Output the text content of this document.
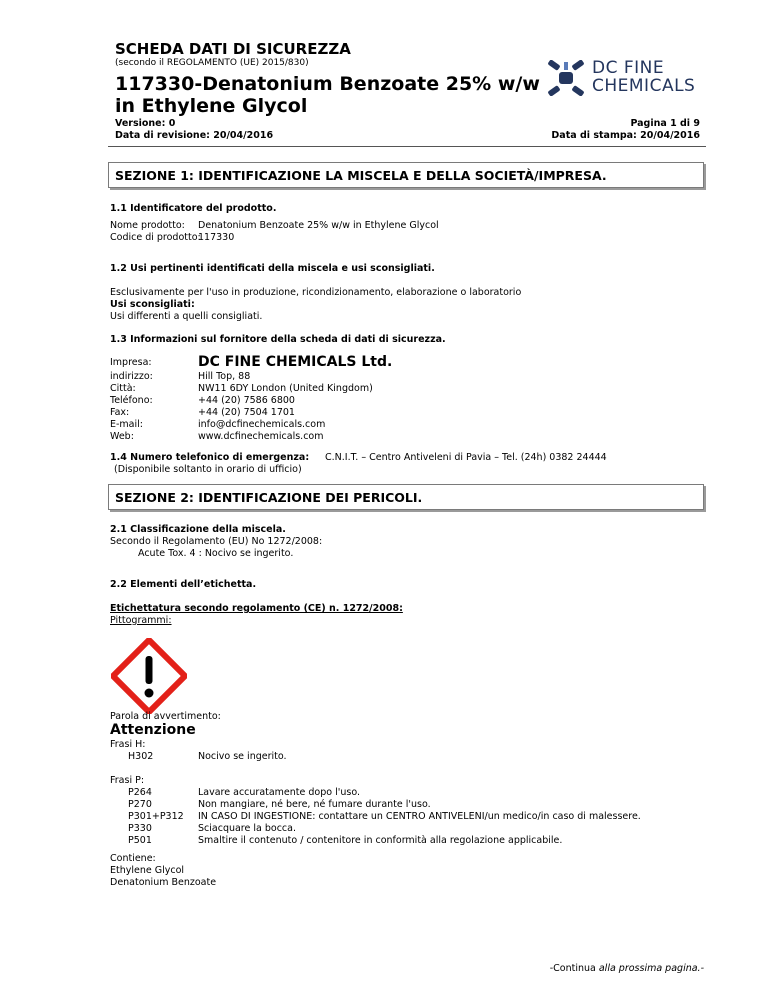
SCHEDA DATI DI SICUREZZA
(secondo il REGOLAMENTO (UE) 2015/830)
117330-Denatonium Benzoate 25% w/w in Ethylene Glycol
DC FINE
CHEMICALS
Versione: 0
Data di revisione: 20/04/2016
Pagina 1 di 9
Data di stampa: 20/04/2016
SEZIONE 1: IDENTIFICAZIONE LA MISCELA E DELLA SOCIETÀ/IMPRESA.
1.1 Identificatore del prodotto.
Nome prodotto: Denatonium Benzoate 25% w/w in Ethylene Glycol
Codice di prodotto:
117330
1.2 Usi pertinenti identificati della miscela e usi sconsigliati.
Esclusivamente per l'uso in produzione, ricondizionamento, elaborazione o laboratorio
Usi sconsigliati:
Usi differenti a quelli consigliati.
1.3 Informazioni sul fornitore della scheda di dati di sicurezza.
Impresa:	DC FINE CHEMICALS Ltd.
indirizzo:
Città:
Teléfono:
Fax:
E-mail:
Web:
Hill Top, 88
NW11 6DY London (United Kingdom)
+44 (20) 7586 6800
+44 (20) 7504 1701
info@dcfinechemicals.com
www.dcfinechemicals.com
1.4 Numero telefonico di emergenza:
(Disponibile soltanto in orario di ufficio)
C.N.I.T. – Centro Antiveleni di Pavia – Tel. (24h) 0382 24444
SEZIONE 2: IDENTIFICAZIONE DEI PERICOLI.
2.1 Classificazione della miscela.
Secondo il Regolamento (EU) No 1272/2008:
Acute Tox. 4 : Nocivo se ingerito.
2.2 Elementi dell’etichetta.
Etichettatura secondo regolamento (CE) n. 1272/2008:
Pittogrammi:
Parola di avvertimento:
Attenzione
Frasi H:
H302	Nocivo se ingerito.
Frasi P:
P264
P270
P301+P312
P330
P501
Lavare accuratamente dopo l'uso.
Non mangiare, né bere, né fumare durante l'uso.
IN CASO DI INGESTIONE: contattare un CENTRO ANTIVELENI/un medico/in caso di malessere.
Sciacquare la bocca.
Smaltire il contenuto / contenitore in conformità alla regolazione applicabile.
Contiene:
Ethylene Glycol
Denatonium Benzoate
-Continua alla prossima pagina.-
